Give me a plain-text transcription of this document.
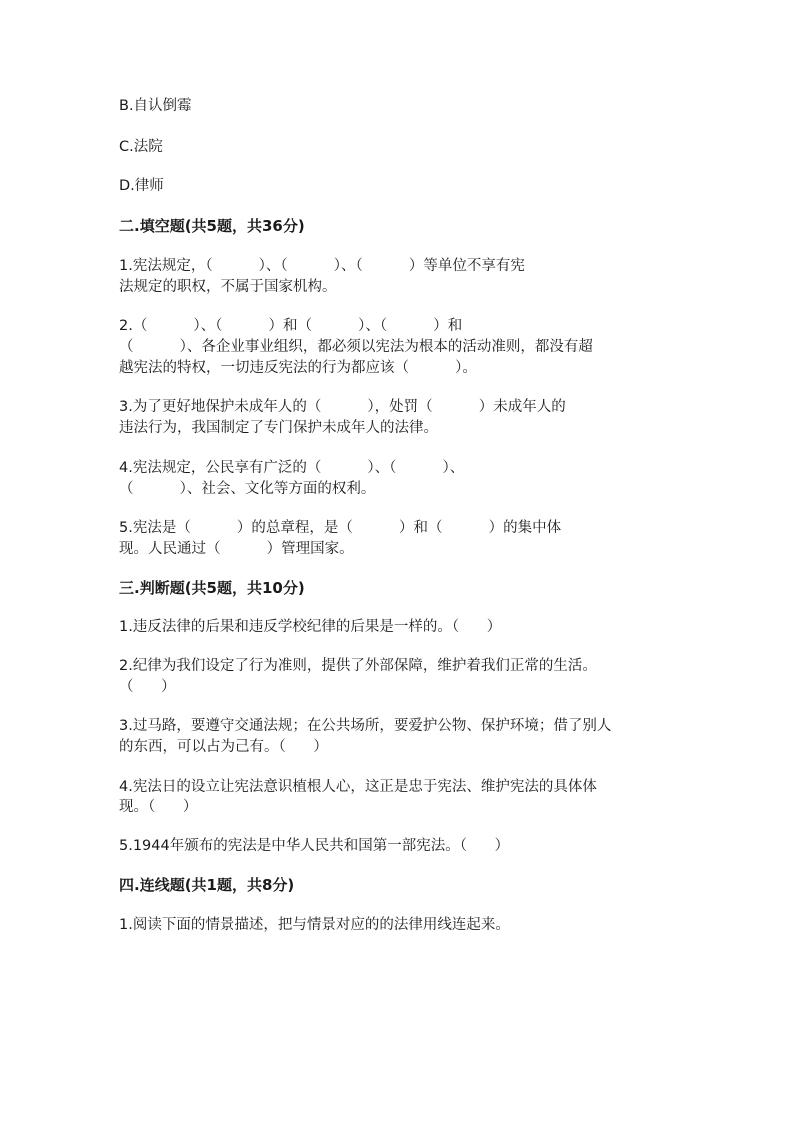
B.自认倒霉
C.法院
D.律师
二.填空题(共5题，共36分)
1.宪法规定，（          ）、（          ）、（          ）等单位不享有宪
法规定的职权，不属于国家机构。
2.（          ）、（          ）和（          ）、（          ）和
（          ）、各企业事业组织，都必须以宪法为根本的活动准则，都没有超
越宪法的特权，一切违反宪法的行为都应该（          ）。
3.为了更好地保护未成年人的（          ），处罚（          ）未成年人的
违法行为，我国制定了专门保护未成年人的法律。
4.宪法规定，公民享有广泛的（          ）、（          ）、
（          ）、社会、文化等方面的权利。
5.宪法是（          ）的总章程，是（          ）和（          ）的集中体
现。人民通过（          ）管理国家。
三.判断题(共5题，共10分)
1.违反法律的后果和违反学校纪律的后果是一样的。（      ）
2.纪律为我们设定了行为准则，提供了外部保障，维护着我们正常的生活。
（      ）
3.过马路，要遵守交通法规；在公共场所，要爱护公物、保护环境；借了别人
的东西，可以占为己有。（      ）
4.宪法日的设立让宪法意识植根人心，这正是忠于宪法、维护宪法的具体体
现。（      ）
5.1944年颁布的宪法是中华人民共和国第一部宪法。（      ）
四.连线题(共1题，共8分)
1.阅读下面的情景描述，把与情景对应的的法律用线连起来。
